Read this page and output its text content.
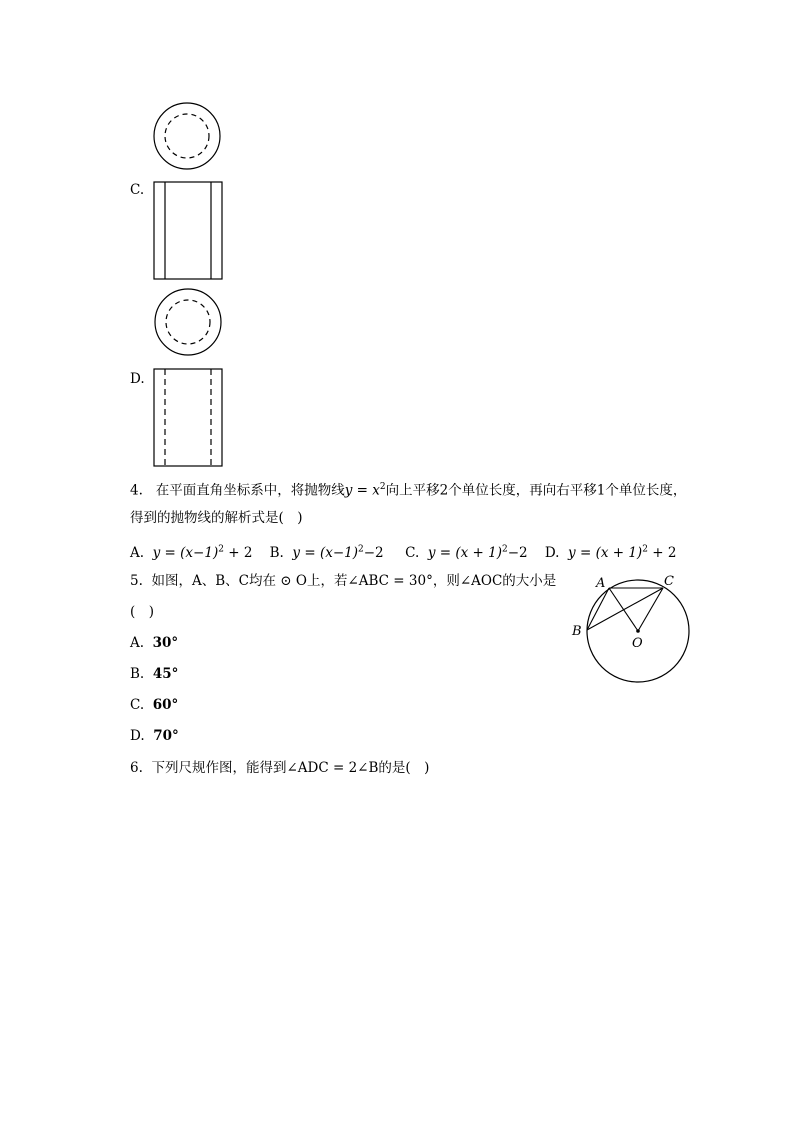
C.
D.
4. 在平面直角坐标系中，将抛物线$y = x^2$向上平移2个单位长度，再向右平移1个单位长度，
得到的抛物线的解析式是(　)
A. $y = (x-1)^2 + 2$ B. $y = (x-1)^2-2$ C. $y = (x + 1)^2-2$ D. $y = (x + 1)^2 + 2$
5. 如图，A、B、C均在 ⊙ O上，若∠ABC = 30°，则∠AOC的大小是
(　)
A. 30°
B. 45°
C. 60°
D. 70°
A	C
B
O
6. 下列尺规作图，能得到∠ADC = 2∠B的是(　)
